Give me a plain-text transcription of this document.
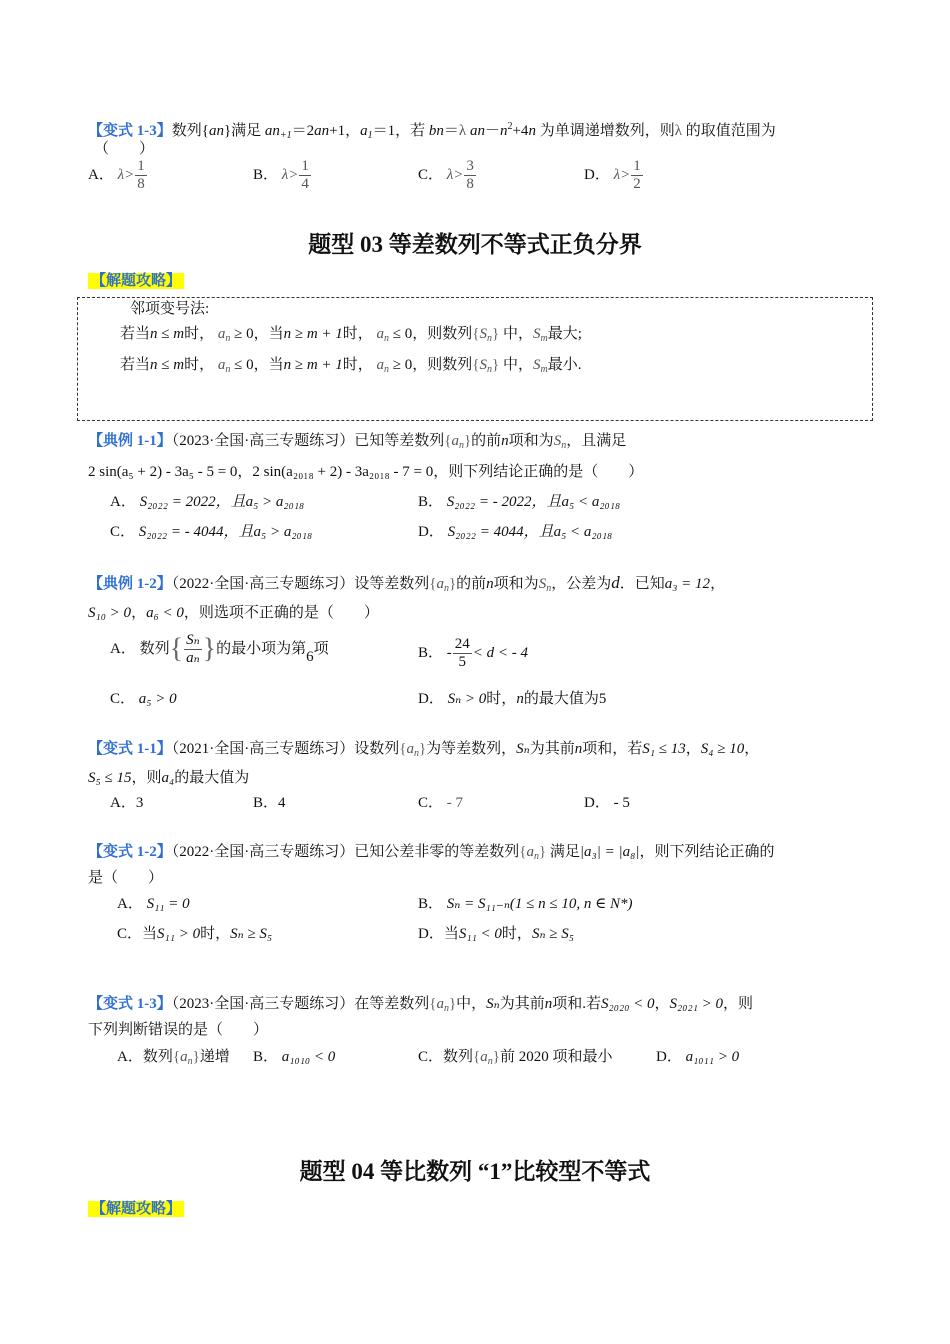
【变式 1-3】数列{an}满足 $an_{+1}=2an+1$，$a_1=1$，若 bn＝λ $an-n^2+4n$ 为单调递增数列，则λ 的取值范围为
（　　）
A． $\lambda> \frac{1}{8}$	B． $\lambda> \frac{1}{4}$	C． $\lambda> \frac{3}{8}$	D． $\lambda> \frac{1}{2}$
题型 03 等差数列不等式正负分界
【解题攻略】
邻项变号法:
若当n ≤ m时， $a_n \ge 0$，当n ≥ m + 1时， $a_n \le 0$，则数列$\{S_n\}$ 中，$S_m$最大;
若当n ≤ m时， $a_n \le 0$，当n ≥ m + 1时， $a_n \ge 0$，则数列$\{S_n\}$ 中，$S_m$最小.
【典例 1-1】（2023·全国·高三专题练习）已知等差数列$\{a_n\}$的前n项和为$S_n$，且满足
2 sin(a₅ + 2) - 3a₅ - 5 = 0，2 sin(a₂₀₁₈ + 2) - 3a₂₀₁₈ - 7 = 0，则下列结论正确的是（　　）
A． S₂₀₂₂ = 2022，且a₅ > a₂₀₁₈	B． S₂₀₂₂ = - 2022，且a₅ < a₂₀₁₈
C． S₂₀₂₂ = - 4044，且a₅ > a₂₀₁₈	D． S₂₀₂₂ = 4044，且a₅ < a₂₀₁₈
【典例 1-2】（2022·全国·高三专题练习）设等差数列$\{a_n\}$的前n项和为$S_n$，公差为d．已知a₃ = 12，
S₁₀ > 0，a₆ < 0，则选项不正确的是（　　）
A． 数列{ $\frac{\text{Sₙ}}{\text{aₙ}}$ }的最小项为第6项	B． - $\frac{24}{5} < d$ < - 4
C． a₅ > 0	D． Sₙ > 0时，n的最大值为5
【变式 1-1】（2021·全国·高三专题练习）设数列$\{a_n\}$为等差数列，Sₙ为其前n项和，若S₁ ≤ 13，S₄ ≥ 10，
S₅ ≤ 15，则a₄的最大值为
A．3	B．4	C． - 7	D． - 5
【变式 1-2】（2022·全国·高三专题练习）已知公差非零的等差数列$\{a_n\}$ 满足|a₃| = |a₈|，则下列结论正确的
是（　　）
A． S₁₁ = 0	B． Sₙ = S₁₁₋ₙ(1 ≤ n ≤ 10, n ∈ N*)
C．当S₁₁ > 0时，Sₙ ≥ S₅	D．当S₁₁ < 0时，Sₙ ≥ S₅
【变式 1-3】（2023·全国·高三专题练习）在等差数列$\{a_n\}$中，Sₙ为其前n项和.若S₂₀₂₀ < 0，S₂₀₂₁ > 0，则
下列判断错误的是（　　）
A．数列$\{a_n\}$递增 B． a₁₀₁₀ < 0	C．数列$\{a_n\}$前 2020 项和最小	D． a₁₀₁₁ > 0
题型 04 等比数列 “1”比较型不等式
【解题攻略】
